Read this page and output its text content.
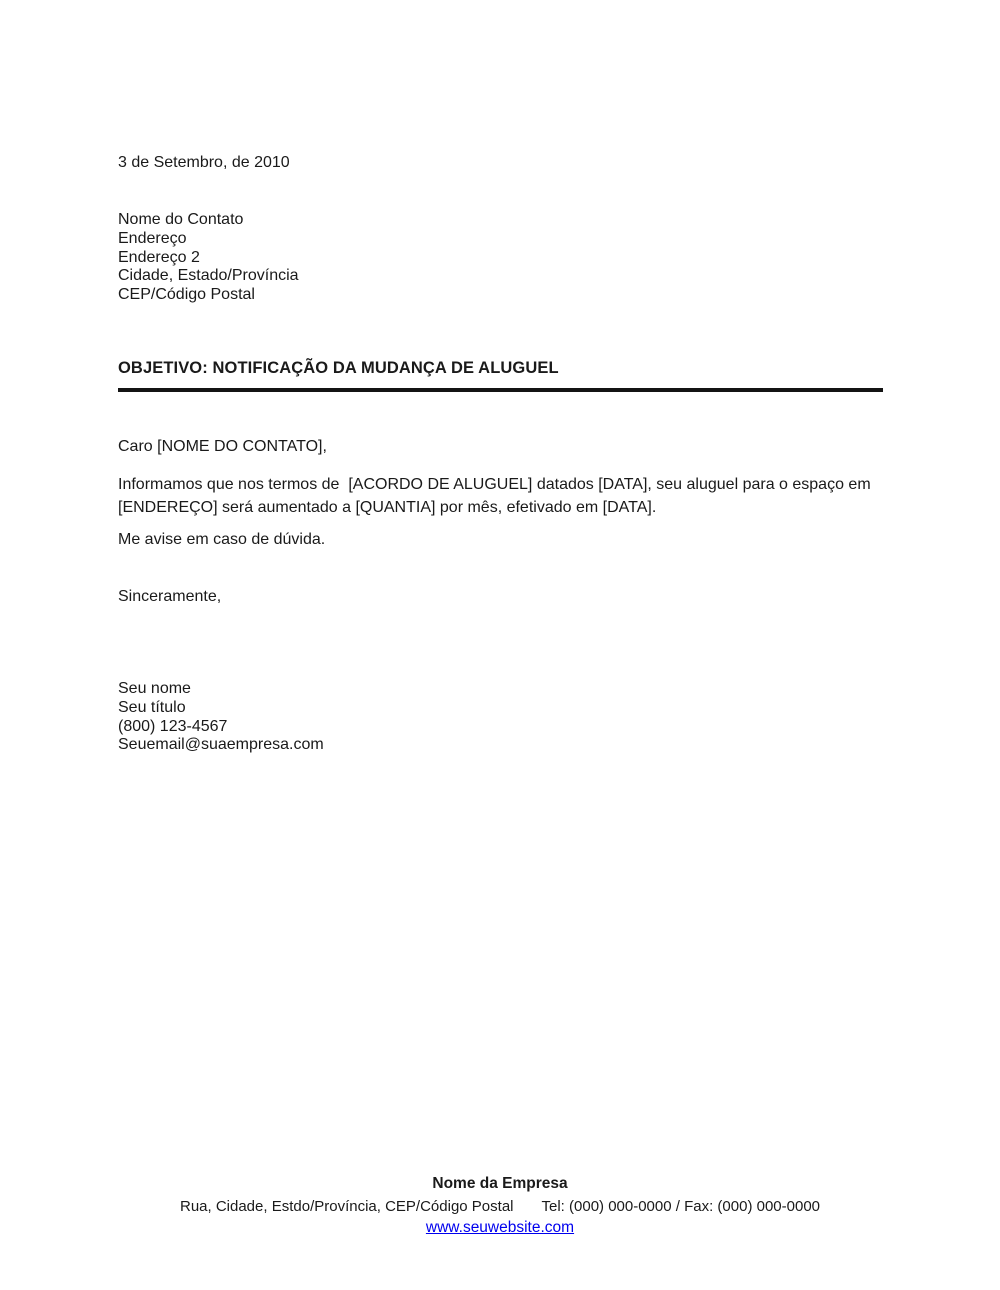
3 de Setembro, de 2010
Nome do Contato
Endereço
Endereço 2
Cidade, Estado/Província
CEP/Código Postal
OBJETIVO: NOTIFICAÇÃO DA MUDANÇA DE ALUGUEL
Caro [NOME DO CONTATO],
Informamos que nos termos de  [ACORDO DE ALUGUEL] datados [DATA], seu aluguel para o espaço em [ENDEREÇO] será aumentado a [QUANTIA] por mês, efetivado em [DATA].
Me avise em caso de dúvida.
Sinceramente,
Seu nome
Seu título
(800) 123-4567
Seuemail@suaempresa.com
Nome da Empresa
Rua, Cidade, Estdo/Província, CEP/Código Postal Tel: (000) 000-0000 / Fax: (000) 000-0000
www.seuwebsite.com
